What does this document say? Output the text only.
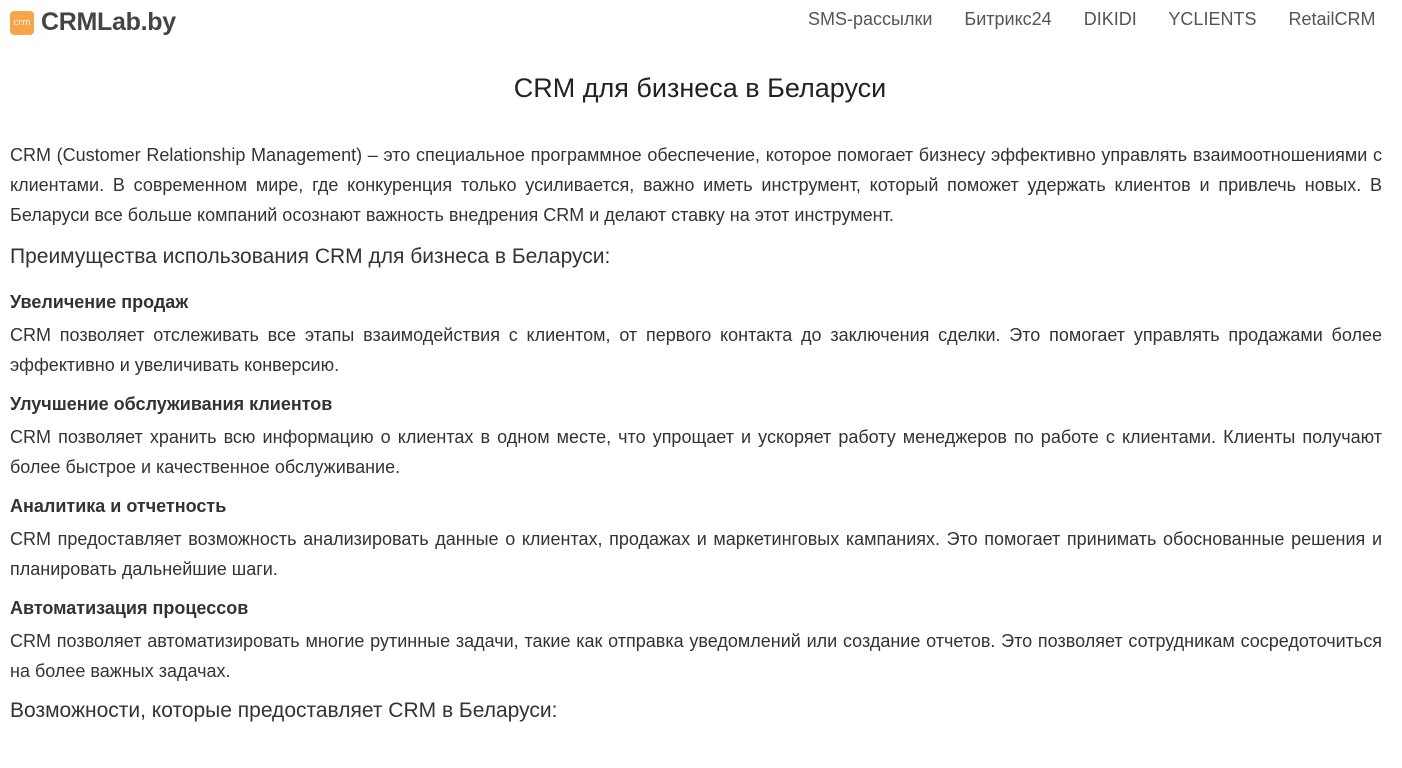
crm CRMLab.by	SMS-рассылки Битрикс24 DIKIDI YCLIENTS RetailCRM
CRM для бизнеса в Беларуси

CRM (Customer Relationship Management) – это специальное программное обеспечение, которое помогает бизнесу эффективно управлять взаимоотношениями с клиентами. В современном мире, где конкуренция только усиливается, важно иметь инструмент, который поможет удержать клиентов и привлечь новых. В Беларуси все больше компаний осознают важность внедрения CRM и делают ставку на этот инструмент.

Преимущества использования CRM для бизнеса в Беларуси:
Увеличение продаж

CRM позволяет отслеживать все этапы взаимодействия с клиентом, от первого контакта до заключения сделки. Это помогает управлять продажами более эффективно и увеличивать конверсию.

Улучшение обслуживания клиентов

CRM позволяет хранить всю информацию о клиентах в одном месте, что упрощает и ускоряет работу менеджеров по работе с клиентами. Клиенты получают более быстрое и качественное обслуживание.

Аналитика и отчетность

CRM предоставляет возможность анализировать данные о клиентах, продажах и маркетинговых кампаниях. Это помогает принимать обоснованные решения и планировать дальнейшие шаги.

Автоматизация процессов

CRM позволяет автоматизировать многие рутинные задачи, такие как отправка уведомлений или создание отчетов. Это позволяет сотрудникам сосредоточиться на более важных задачах.

Возможности, которые предоставляет CRM в Беларуси:
